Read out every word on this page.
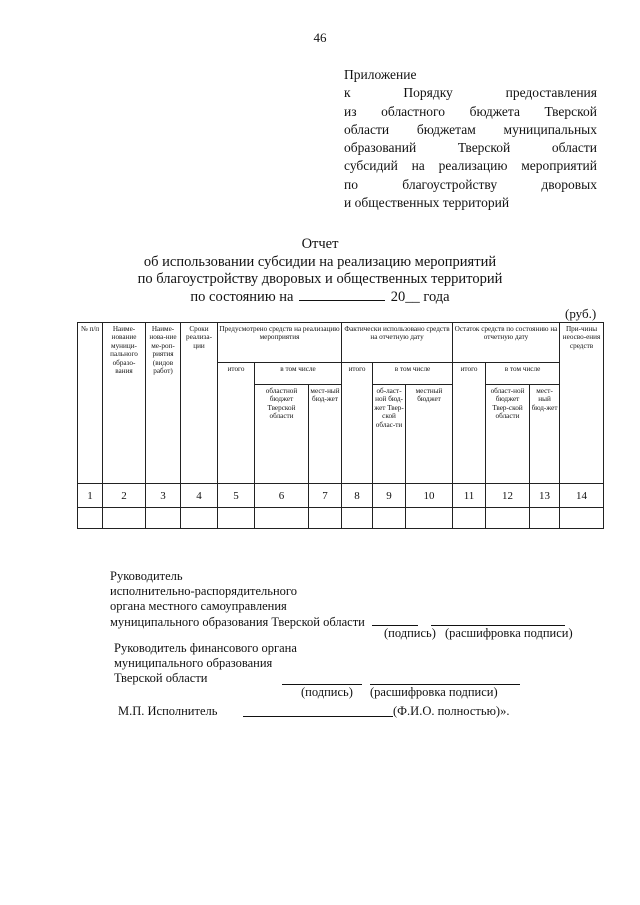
46
Приложение
к Порядку предоставления
из областного бюджета Тверской
области бюджетам муниципальных
образований Тверской области
субсидий на реализацию мероприятий
по благоустройству дворовых
и общественных территорий
Отчет
об использовании субсидии на реализацию мероприятий
по благоустройству дворовых и общественных территорий
по состоянию на	20__ года
(руб.)
№ п/п	Наиме-нование муници-пального образо-вания	Наиме-нова-ние ме-роп-риятия (видов работ)	Сроки реализа-ции	Предусмотрено средств на реализацию мероприятия			Фактически использовано средств на отчетную дату			Остаток средств по состоянию на отчетную дату			При-чины неосво-ения средств
				итого	в том числе		итого	в том числе		итого	в том числе		
					областной бюджет Тверской области	мест-ный бюд-жет		об-ласт-ной бюд-жет Твер-ской облас-ти	местный бюджет		област-ной бюджет Твер-ской области	мест-ный бюд-жет	
1	2	3	4	5	6	7	8	9	10	11	12	13	14

Руководитель
исполнительно-распорядительного
органа местного самоуправления
муниципального образования Тверской области
(подпись) (расшифровка подписи)
Руководитель финансового органа
муниципального образования
Тверской области
(подпись) (расшифровка подписи)
М.П. Исполнитель	(Ф.И.О. полностью)».
